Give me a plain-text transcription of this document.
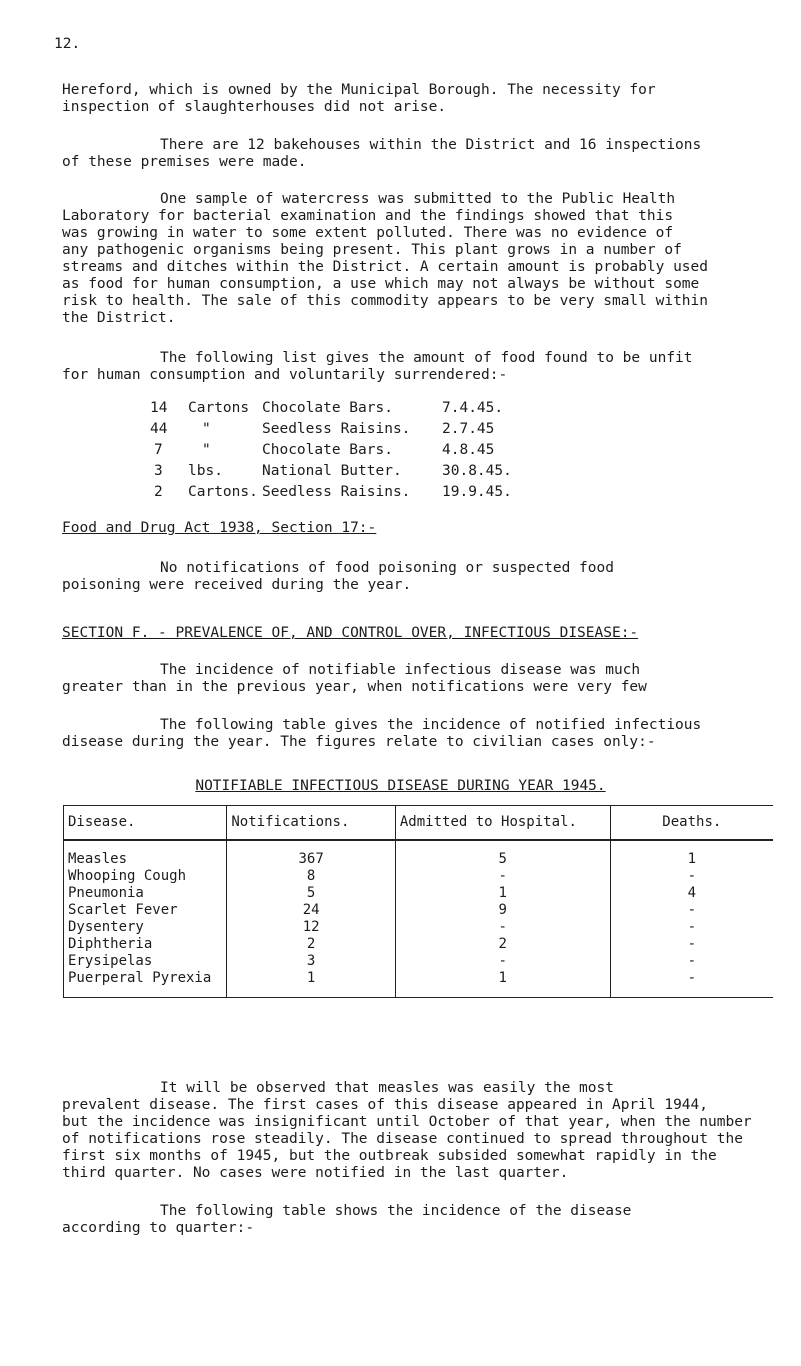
12.
Hereford, which is owned by the Municipal Borough. The necessity for
inspection of slaughterhouses did not arise.
There are 12 bakehouses within the District and 16 inspections
of these premises were made.
One sample of watercress was submitted to the Public Health
Laboratory for bacterial examination and the findings showed that this
was growing in water to some extent polluted. There was no evidence of
any pathogenic organisms being present. This plant grows in a number of
streams and ditches within the District. A certain amount is probably used
as food for human consumption, a use which may not always be without some
risk to health. The sale of this commodity appears to be very small within
the District.
The following list gives the amount of food found to be unfit
for human consumption and voluntarily surrendered:-
14	Cartons	Chocolate Bars.	7.4.45.
44	"	Seedless Raisins.	2.7.45
7	"	Chocolate Bars.	4.8.45
3	lbs.	National Butter.	30.8.45.
2	Cartons.	Seedless Raisins.	19.9.45.
Food and Drug Act 1938, Section 17:-
No notifications of food poisoning or suspected food
poisoning were received during the year.
SECTION F. - PREVALENCE OF, AND CONTROL OVER, INFECTIOUS DISEASE:-
The incidence of notifiable infectious disease was much
greater than in the previous year, when notifications were very few
The following table gives the incidence of notified infectious
disease during the year. The figures relate to civilian cases only:-
NOTIFIABLE INFECTIOUS DISEASE DURING YEAR 1945.
Disease.	Notifications.	Admitted to Hospital.	Deaths.
Measles	367	5	1
Whooping Cough	8	-	-
Pneumonia	5	1	4
Scarlet Fever	24	9	-
Dysentery	12	-	-
Diphtheria	2	2	-
Erysipelas	3	-	-
Puerperal Pyrexia	1	1	-
It will be observed that measles was easily the most
prevalent disease. The first cases of this disease appeared in April 1944,
but the incidence was insignificant until October of that year, when the number
of notifications rose steadily. The disease continued to spread throughout the
first six months of 1945, but the outbreak subsided somewhat rapidly in the
third quarter. No cases were notified in the last quarter.
The following table shows the incidence of the disease
according to quarter:-
